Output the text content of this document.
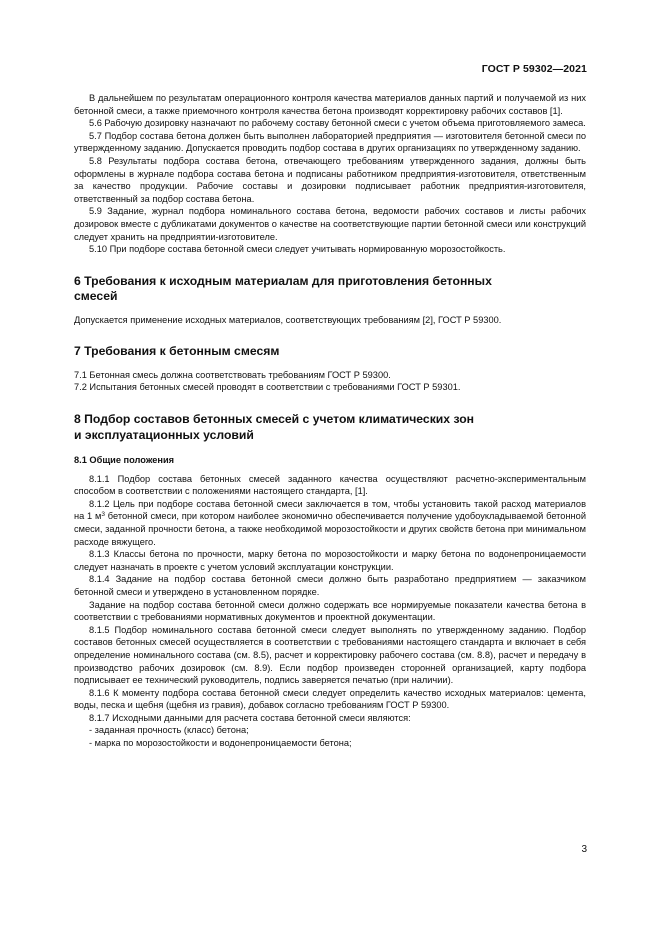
ГОСТ Р 59302—2021

В дальнейшем по результатам операционного контроля качества материалов данных партий и получаемой из них бетонной смеси, а также приемочного контроля качества бетона производят корректировку рабочих составов [1].

5.6 Рабочую дозировку назначают по рабочему составу бетонной смеси с учетом объема приготовляемого замеса.

5.7 Подбор состава бетона должен быть выполнен лабораторией предприятия — изготовителя бетонной смеси по утвержденному заданию. Допускается проводить подбор состава в других организациях по утвержденному заданию.

5.8 Результаты подбора состава бетона, отвечающего требованиям утвержденного задания, должны быть оформлены в журнале подбора состава бетона и подписаны работником предприятия-изготовителя, ответственным за качество продукции. Рабочие составы и дозировки подписывает работник предприятия-изготовителя, ответственный за подбор состава бетона.

5.9 Задание, журнал подбора номинального состава бетона, ведомости рабочих составов и листы рабочих дозировок вместе с дубликатами документов о качестве на соответствующие партии бетонной смеси или конструкций следует хранить на предприятии-изготовителе.

5.10 При подборе состава бетонной смеси следует учитывать нормированную морозостойкость.

6 Требования к исходным материалам для приготовления бетонных
смесей

Допускается применение исходных материалов, соответствующих требованиям [2], ГОСТ Р 59300.

7 Требования к бетонным смесям

7.1 Бетонная смесь должна соответствовать требованиям ГОСТ Р 59300.

7.2 Испытания бетонных смесей проводят в соответствии с требованиями ГОСТ Р 59301.

8 Подбор составов бетонных смесей с учетом климатических зон
и эксплуатационных условий
8.1 Общие положения

8.1.1 Подбор состава бетонных смесей заданного качества осуществляют расчетно-экспериментальным способом в соответствии с положениями настоящего стандарта, [1].

8.1.2 Цель при подборе состава бетонной смеси заключается в том, чтобы установить такой расход материалов на 1 $м^3$ бетонной смеси, при котором наиболее экономично обеспечивается получение удобоукладываемой бетонной смеси, заданной прочности бетона, а также необходимой морозостойкости и других свойств бетона при минимальном расходе вяжущего.

8.1.3 Классы бетона по прочности, марку бетона по морозостойкости и марку бетона по водонепроницаемости следует назначать в проекте с учетом условий эксплуатации конструкции.

8.1.4 Задание на подбор состава бетонной смеси должно быть разработано предприятием — заказчиком бетонной смеси и утверждено в установленном порядке.

Задание на подбор состава бетонной смеси должно содержать все нормируемые показатели качества бетона в соответствии с требованиями нормативных документов и проектной документации.

8.1.5 Подбор номинального состава бетонной смеси следует выполнять по утвержденному заданию. Подбор составов бетонных смесей осуществляется в соответствии с требованиями настоящего стандарта и включает в себя определение номинального состава (см. 8.5), расчет и корректировку рабочего состава (см. 8.8), расчет и передачу в производство рабочих дозировок (см. 8.9). Если подбор произведен сторонней организацией, карту подбора подписывает ее технический руководитель, подпись заверяется печатью (при наличии).

8.1.6 К моменту подбора состава бетонной смеси следует определить качество исходных материалов: цемента, воды, песка и щебня (щебня из гравия), добавок согласно требованиям ГОСТ Р 59300.

8.1.7 Исходными данными для расчета состава бетонной смеси являются:

- заданная прочность (класс) бетона;
- марка по морозостойкости и водонепроницаемости бетона;
3
